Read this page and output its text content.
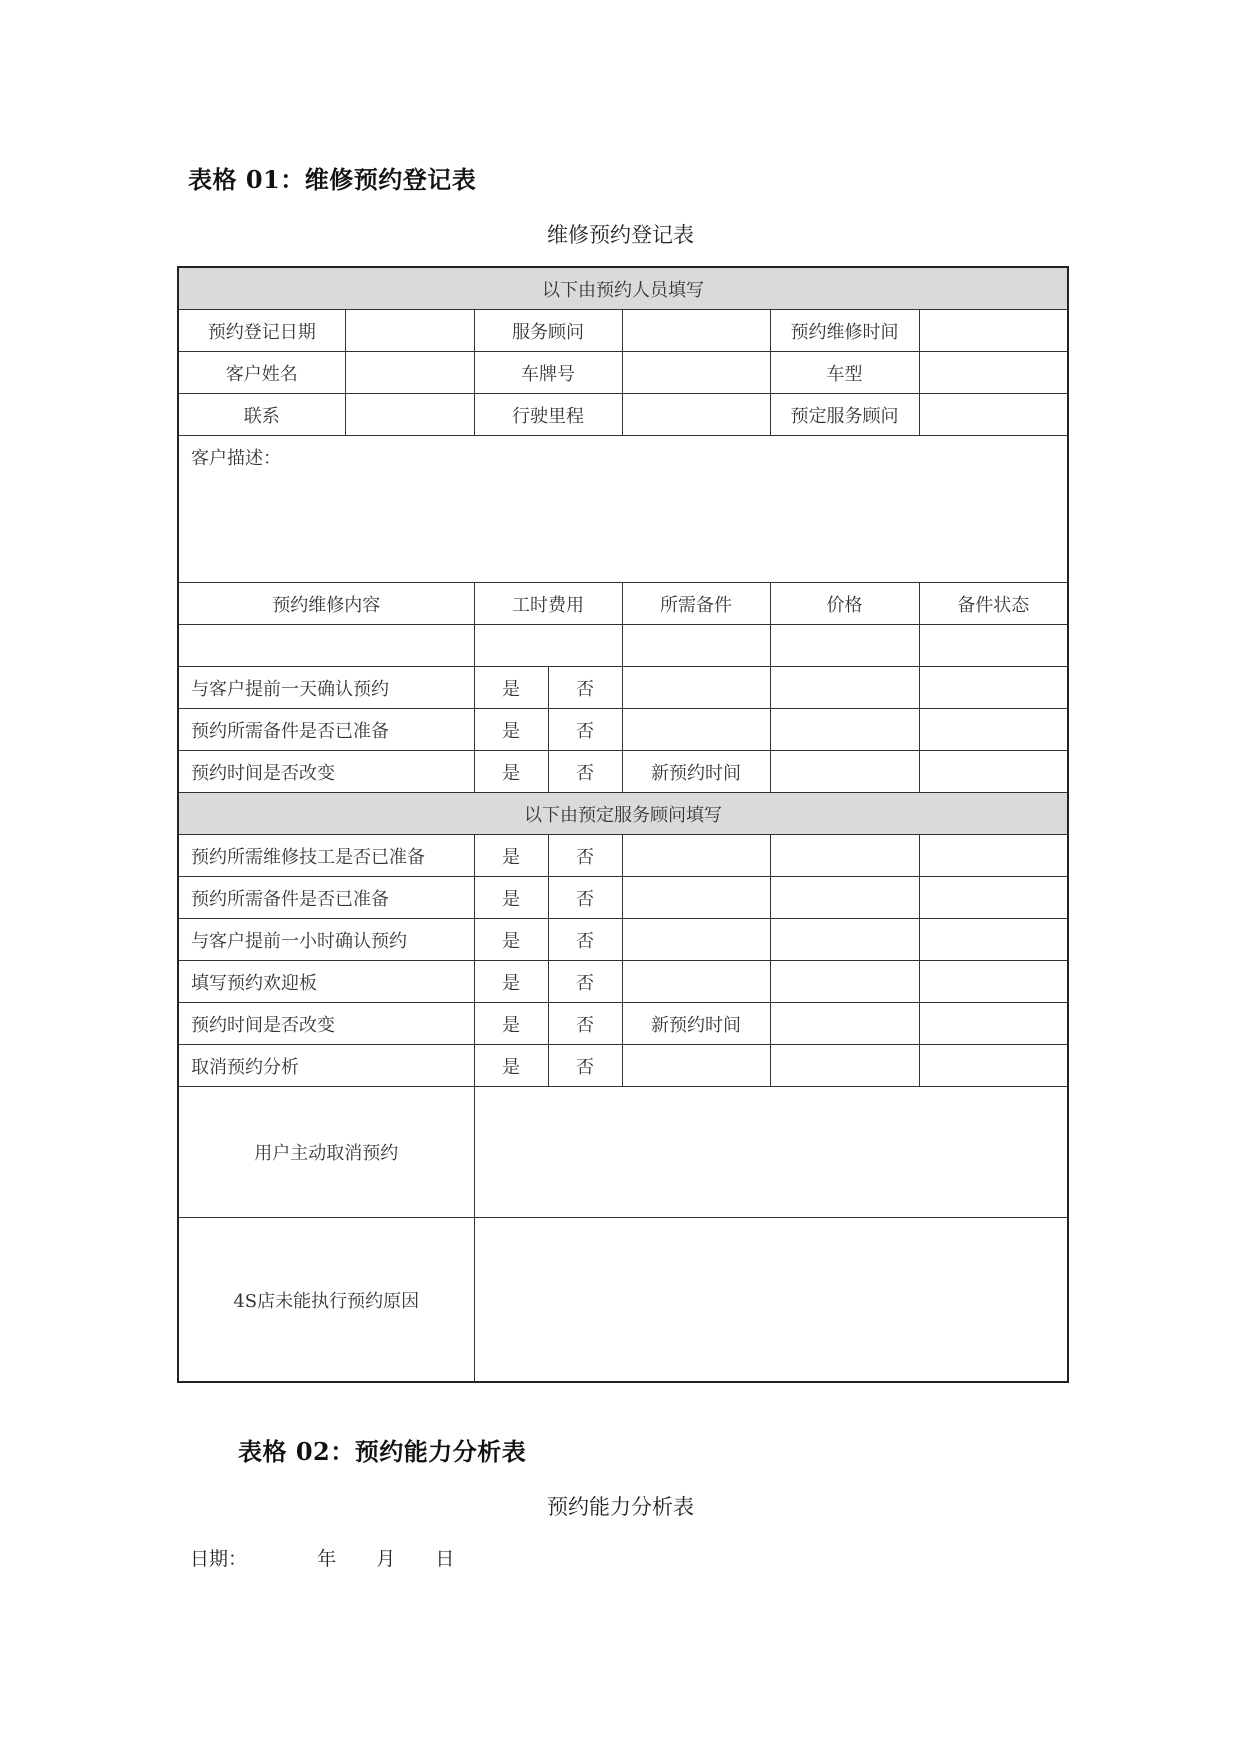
表格 01：维修预约登记表
维修预约登记表
以下由预约人员填写						
预约登记日期		服务顾问			预约维修时间	
客户姓名		车牌号			车型	
联系		行驶里程			预定服务顾问	
客户描述：						
预约维修内容		工时费用		所需备件	价格	备件状态

与客户提前一天确认预约		是	否			
预约所需备件是否已准备		是	否			
预约时间是否改变		是	否	新预约时间		
以下由预定服务顾问填写						
预约所需维修技工是否已准备		是	否			
预约所需备件是否已准备		是	否			
与客户提前一小时确认预约		是	否			
填写预约欢迎板		是	否			
预约时间是否改变		是	否	新预约时间		
取消预约分析		是	否			
用户主动取消预约						
4S店未能执行预约原因						
表格 02：预约能力分析表
预约能力分析表
日期：	年 月 日
